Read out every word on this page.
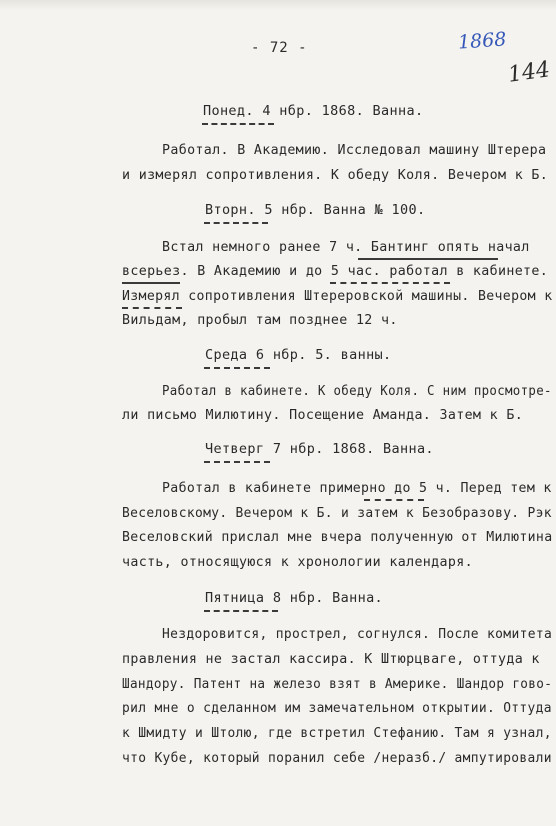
- 72 -	1868
144
Понед. 4 нбр. 1868. Ванна.
Работал. В Академию. Исследовал машину Штерера
и измерял сопротивления. К обеду Коля. Вечером к Б.
Вторн. 5 нбр. Ванна № 100.
Встал немного ранее 7 ч. Бантинг опять начал
всерьез. В Академию и до 5 час. работал в кабинете.
Измерял сопротивления Штереровской машины. Вечером к
Вильдам, пробыл там позднее 12 ч.
Среда 6 нбр. 5. ванны.
Работал в кабинете. К обеду Коля. С ним просмотре-
ли письмо Милютину. Посещение Аманда. Затем к Б.
Четверг 7 нбр. 1868. Ванна.
Работал в кабинете примерно до 5 ч. Перед тем к
Веселовскому. Вечером к Б. и затем к Безобразову. Рэк
Веселовский прислал мне вчера полученную от Милютина
часть, относящуюся к хронологии календаря.
Пятница 8 нбр. Ванна.
Нездоровится, прострел, согнулся. После комитета
правления не застал кассира. К Штюрцваге, оттуда к
Шандору. Патент на железо взят в Америке. Шандор гово-
рил мне о сделанном им замечательном открытии. Оттуда
к Шмидту и Штолю, где встретил Стефанию. Там я узнал,
что Кубе, который поранил себе /неразб./ ампутировали
